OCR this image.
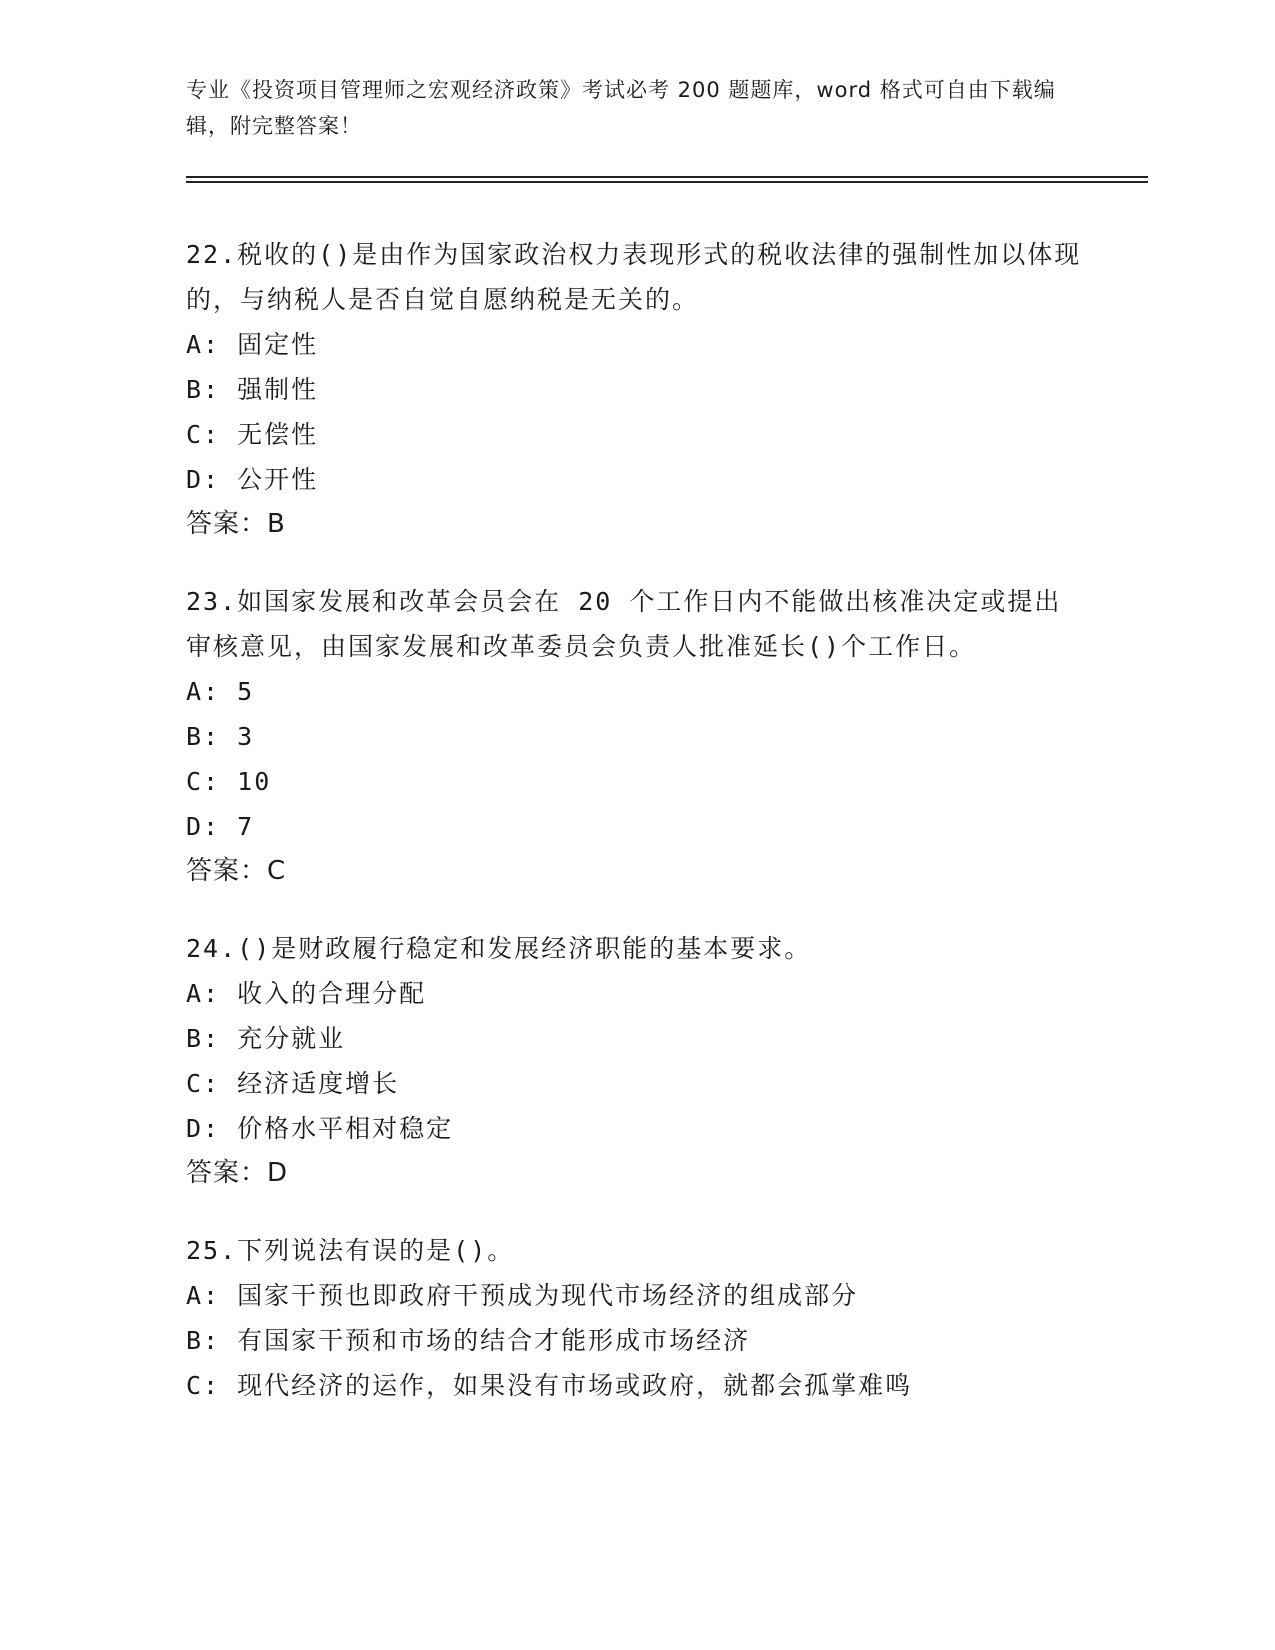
专业《投资项目管理师之宏观经济政策》考试必考 200 题题库，word 格式可自由下载编辑，附完整答案！
22.税收的()是由作为国家政治权力表现形式的税收法律的强制性加以体现的，与纳税人是否自觉自愿纳税是无关的。
A: 固定性
B: 强制性
C: 无偿性
D: 公开性
答案：B
23.如国家发展和改革会员会在 20 个工作日内不能做出核准决定或提出审核意见，由国家发展和改革委员会负责人批准延长()个工作日。
A: 5
B: 3
C: 10
D: 7
答案：C
24.()是财政履行稳定和发展经济职能的基本要求。
A: 收入的合理分配
B: 充分就业
C: 经济适度增长
D: 价格水平相对稳定
答案：D
25.下列说法有误的是()。
A: 国家干预也即政府干预成为现代市场经济的组成部分
B: 有国家干预和市场的结合才能形成市场经济
C: 现代经济的运作，如果没有市场或政府，就都会孤掌难鸣
